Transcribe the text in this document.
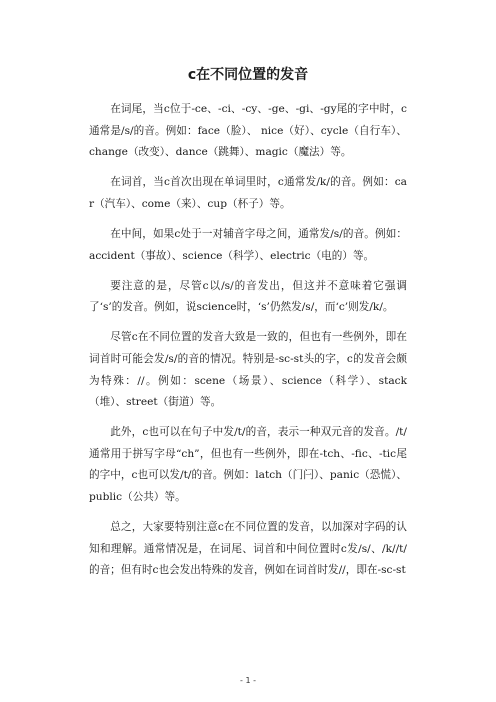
c在不同位置的发音

在词尾，当c位于-ce、-ci、-cy、-ge、-gi、-gy尾的字中时，c通常是/s/的音。例如：face（脸）、 nice（好）、cycle（自行车）、change（改变）、dance（跳舞）、magic（魔法）等。

在词首，当c首次出现在单词里时，c通常发/k/的音。例如：car（汽车）、come（来）、cup（杯子）等。

在中间，如果c处于一对辅音字母之间，通常发/s/的音。例如：accident（事故）、science（科学）、electric（电的）等。

要注意的是，尽管c以/s/的音发出，但这并不意味着它强调了‘s’的发音。例如，说science时，‘s’仍然发/s/，而‘c’则发/k/。

尽管c在不同位置的发音大致是一致的，但也有一些例外，即在词首时可能会发/s/的音的情况。特别是-sc-st头的字，c的发音会颇为特殊：//。例如：scene（场景）、science（科学）、stack（堆）、street（街道）等。

此外，c也可以在句子中发/t/的音，表示一种双元音的发音。/t/通常用于拼写字母“ch”，但也有一些例外，即在-tch、-fic、-tic尾的字中，c也可以发/t/的音。例如：latch（门闩）、panic（恐慌）、public（公共）等。

总之，大家要特别注意c在不同位置的发音，以加深对字码的认知和理解。通常情况是，在词尾、词首和中间位置时c发/s/、/k//t/的音；但有时c也会发出特殊的发音，例如在词首时发//，即在-sc-st

- 1 -
